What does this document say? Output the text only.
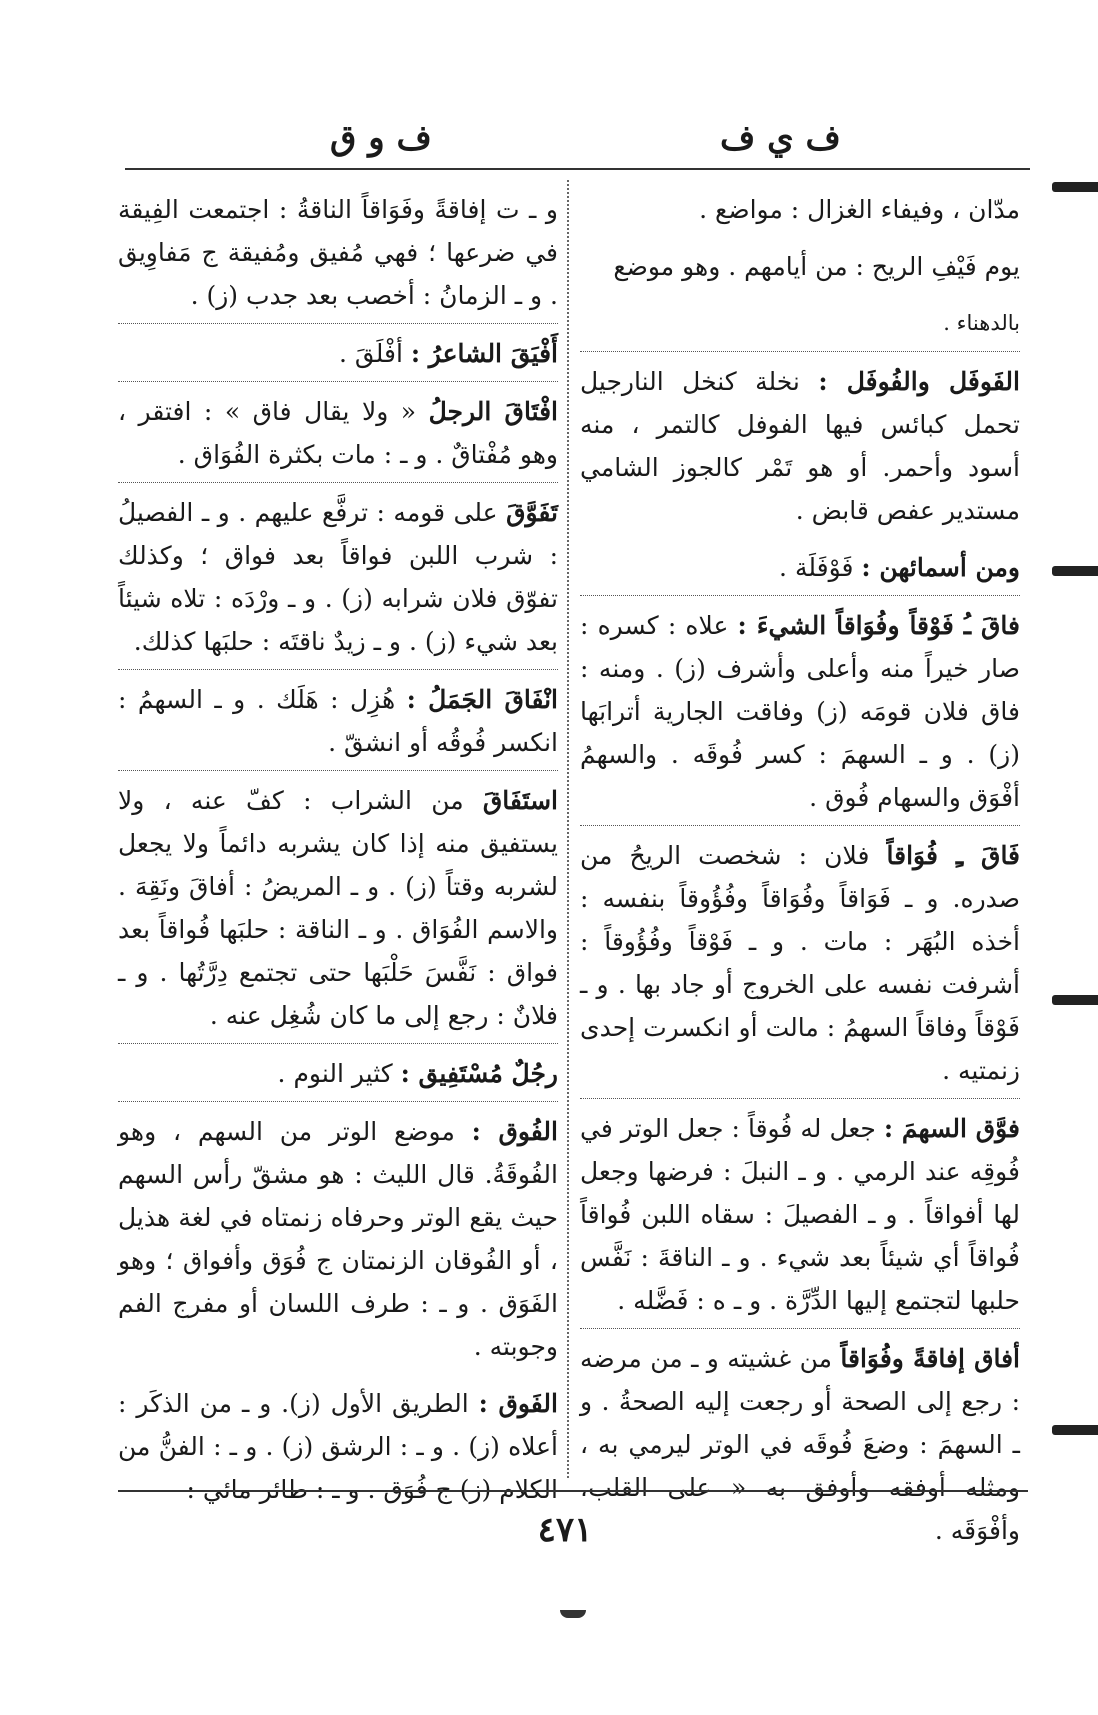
ف ي ف
ف و ق
مدّان ، وفيفاء الغزال : مواضع .
يوم فَيْفِ الريح : من أيامهم . وهو موضع
بالدهناء .
الفَوفَل والفُوفَل : نخلة كنخل النارجيل تحمل كبائس فيها الفوفل كالتمر ، منه أسود وأحمر. أو هو تَمْر كالجوز الشامي مستدير عفص قابض .
ومن أسمائهن : فَوْفَلَة .
فاقَ ـُ فَوْقاً وفُوَاقاً الشيءَ : علاه : كسره : صار خيراً منه وأعلى وأشرف (ز) . ومنه : فاق فلان قومَه (ز) وفاقت الجارية أترابَها (ز) . و ـ السهمَ : كسر فُوقَه . والسهمُ أفْوَق والسهام فُوق .
فَاقَ ـِ فُوَاقاً فلان : شخصت الريحُ من صدره. و ـ فَوَاقاً وفُوَاقاً وفُؤُوقاً بنفسه : أخذه البُهَر : مات . و ـ فَوْقاً وفُؤُوقاً : أشرفت نفسه على الخروج أو جاد بها . و ـ فَوْقاً وفاقاً السهمُ : مالت أو انكسرت إحدى زنمتيه .
فوَّق السهمَ : جعل له فُوقاً : جعل الوتر في فُوقِه عند الرمي . و ـ النبلَ : فرضها وجعل لها أفواقاً . و ـ الفصيلَ : سقاه اللبن فُواقاً فُواقاً أي شيئاً بعد شيء . و ـ الناقةَ : نَفَّس حلبها لتجتمع إليها الدِّرَّة . و ـ ه : فَضَّله .
أفاق إفاقةً وفُوَاقاً من غشيته و ـ من مرضه : رجع إلى الصحة أو رجعت إليه الصحةُ . و ـ السهمَ : وضعَ فُوقَه في الوتر ليرمي به ، ومثله أوفقه وأوفق به « على القلب، وأفْوَقَه .
و ـ ت إفاقةً وفَوَاقاً الناقةُ : اجتمعت الفِيقة في ضرعها ؛ فهي مُفيق ومُفيقة ج مَفاوِيق . و ـ الزمانُ : أخصب بعد جدب (ز) .
أَفْيَقَ الشاعرُ : أفْلَقَ .
افْتَاقَ الرجلُ « ولا يقال فاق » : افتقر ، وهو مُفْتاقٌ . و ـ : مات بكثرة الفُوَاق .
تَفَوَّقَ على قومه : ترفَّع عليهم . و ـ الفصيلُ : شرب اللبن فواقاً بعد فواق ؛ وكذلك تفوّق فلان شرابه (ز) . و ـ ورْدَه : تلاه شيئاً بعد شيء (ز) . و ـ زيدٌ ناقتَه : حلبَها كذلك.
انْفَاقَ الجَمَلُ : هُزِل : هَلَك . و ـ السهمُ : انكسر فُوقُه أو انشقّ .
استَفَاقَ من الشراب : كفّ عنه ، ولا يستفيق منه إذا كان يشربه دائماً ولا يجعل لشربه وقتاً (ز) . و ـ المريضُ : أفاقَ ونَقِهَ . والاسم الفُوَاق . و ـ الناقة : حلبَها فُواقاً بعد فواق : نَفَّسَ حَلْبَها حتى تجتمع دِرَّتُها . و ـ فلانٌ : رجع إلى ما كان شُغِل عنه .
رجُلٌ مُسْتَفِيق : كثير النوم .
الفُوق : موضع الوتر من السهم ، وهو الفُوقَةُ. قال الليث : هو مشقّ رأس السهم حيث يقع الوتر وحرفاه زنمتاه في لغة هذيل ، أو الفُوقان الزنمتان ج فُوَق وأفواق ؛ وهو الفَوَق . و ـ : طرف اللسان أو مفرج الفم وجوبته .
الفَوق : الطريق الأول (ز). و ـ من الذكَر : أعلاه (ز) . و ـ : الرشق (ز) . و ـ : الفنُّ من الكلام (ز) ج فُوَق . و ـ : طائر مائي :
٤٧١
